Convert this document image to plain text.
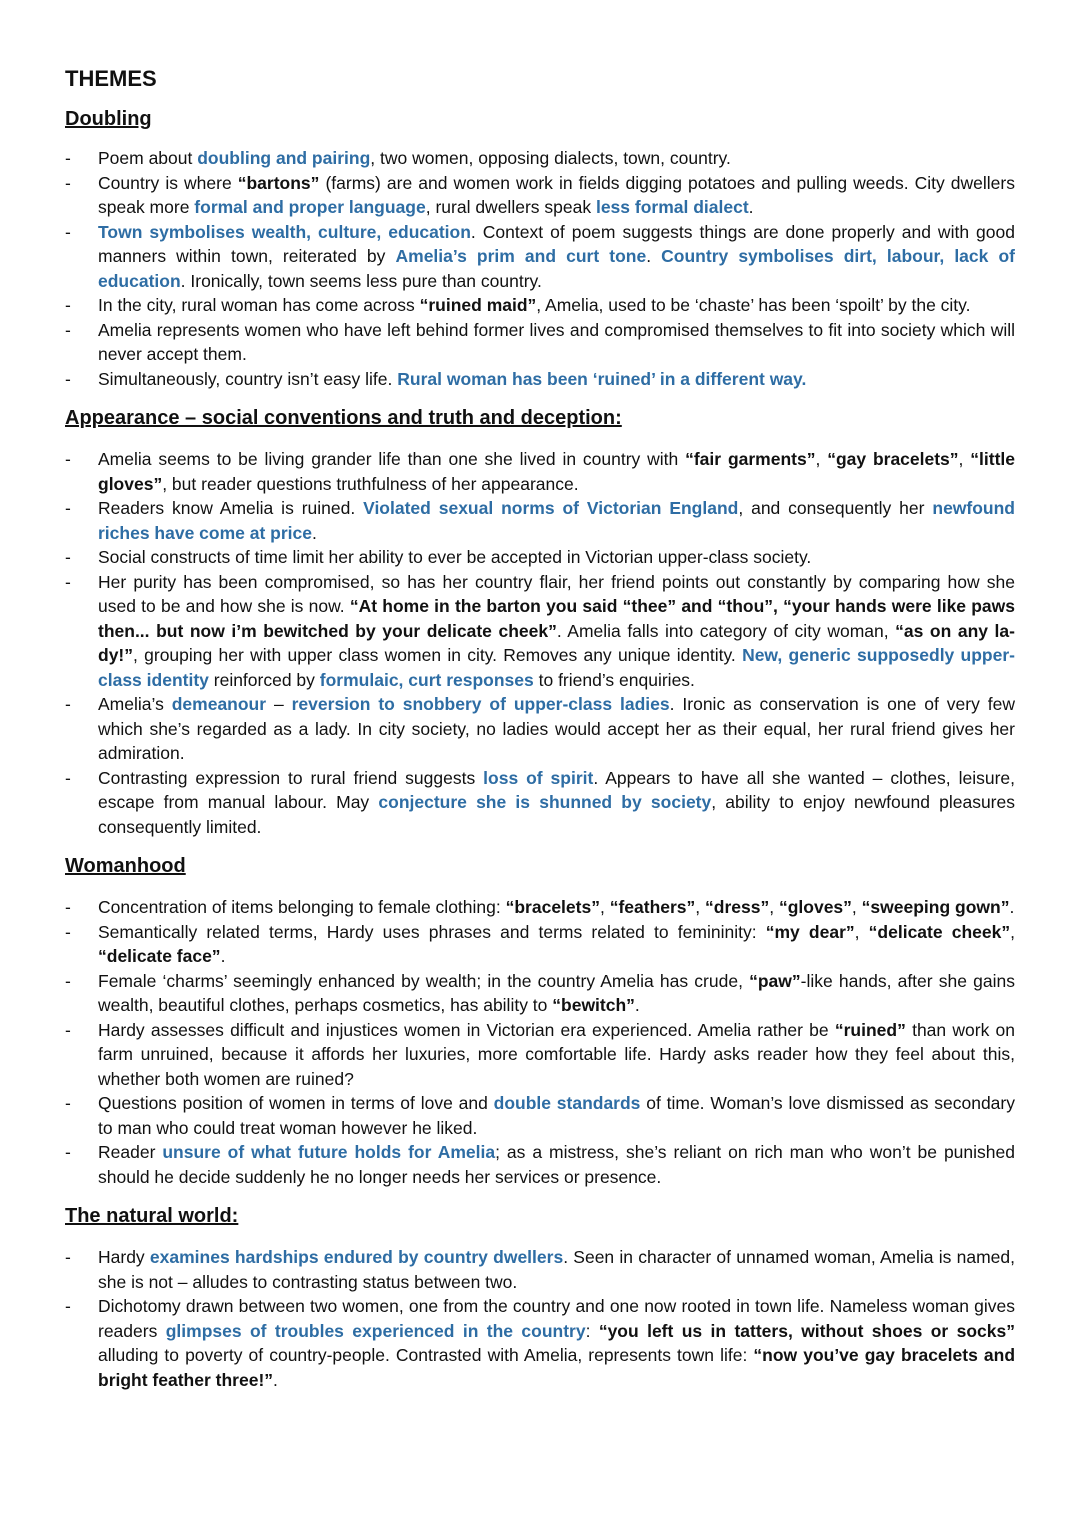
THEMES
Doubling
- Poem about doubling and pairing, two women, opposing dialects, town, country.
- Country is where “bartons” (farms) are and women work in fields digging potatoes and pulling weeds. City dwellers speak more formal and proper language, rural dwellers speak less formal dialect.
- Town symbolises wealth, culture, education. Context of poem suggests things are done properly and with good manners within town, reiterated by Amelia’s prim and curt tone. Country symbolises dirt, labour, lack of education. Ironically, town seems less pure than country.
- In the city, rural woman has come across “ruined maid”, Amelia, used to be ‘chaste’ has been ‘spoilt’ by the city.
- Amelia represents women who have left behind former lives and compromised themselves to fit into society which will never accept them.
- Simultaneously, country isn’t easy life. Rural woman has been ‘ruined’ in a different way.
Appearance – social conventions and truth and deception:
- Amelia seems to be living grander life than one she lived in country with “fair garments”, “gay bracelets”, “little gloves”, but reader questions truthfulness of her appearance.
- Readers know Amelia is ruined. Violated sexual norms of Victorian England, and consequently her newfound riches have come at price.
- Social constructs of time limit her ability to ever be accepted in Victorian upper-class society.
- Her purity has been compromised, so has her country flair, her friend points out constantly by comparing how she used to be and how she is now. “At home in the barton you said “thee” and “thou”, “your hands were like paws then... but now i’m bewitched by your delicate cheek”. Amelia falls into category of city woman, “as on any la-dy!”, grouping her with upper class women in city. Removes any unique identity. New, generic supposedly upper-class identity reinforced by formulaic, curt responses to friend’s enquiries.
- Amelia’s demeanour – reversion to snobbery of upper-class ladies. Ironic as conservation is one of very few which she’s regarded as a lady. In city society, no ladies would accept her as their equal, her rural friend gives her admiration.
- Contrasting expression to rural friend suggests loss of spirit. Appears to have all she wanted – clothes, leisure, escape from manual labour. May conjecture she is shunned by society, ability to enjoy newfound pleasures consequently limited.
Womanhood
- Concentration of items belonging to female clothing: “bracelets”, “feathers”, “dress”, “gloves”, “sweeping gown”.
- Semantically related terms, Hardy uses phrases and terms related to femininity: “my dear”, “delicate cheek”, “delicate face”.
- Female ‘charms’ seemingly enhanced by wealth; in the country Amelia has crude, “paw”-like hands, after she gains wealth, beautiful clothes, perhaps cosmetics, has ability to “bewitch”.
- Hardy assesses difficult and injustices women in Victorian era experienced. Amelia rather be “ruined” than work on farm unruined, because it affords her luxuries, more comfortable life. Hardy asks reader how they feel about this, whether both women are ruined?
- Questions position of women in terms of love and double standards of time. Woman’s love dismissed as secondary to man who could treat woman however he liked.
- Reader unsure of what future holds for Amelia; as a mistress, she’s reliant on rich man who won’t be punished should he decide suddenly he no longer needs her services or presence.
The natural world:
- Hardy examines hardships endured by country dwellers. Seen in character of unnamed woman, Amelia is named, she is not – alludes to contrasting status between two.
- Dichotomy drawn between two women, one from the country and one now rooted in town life. Nameless woman gives readers glimpses of troubles experienced in the country: “you left us in tatters, without shoes or socks” alluding to poverty of country-people. Contrasted with Amelia, represents town life: “now you’ve gay bracelets and bright feather three!”.
